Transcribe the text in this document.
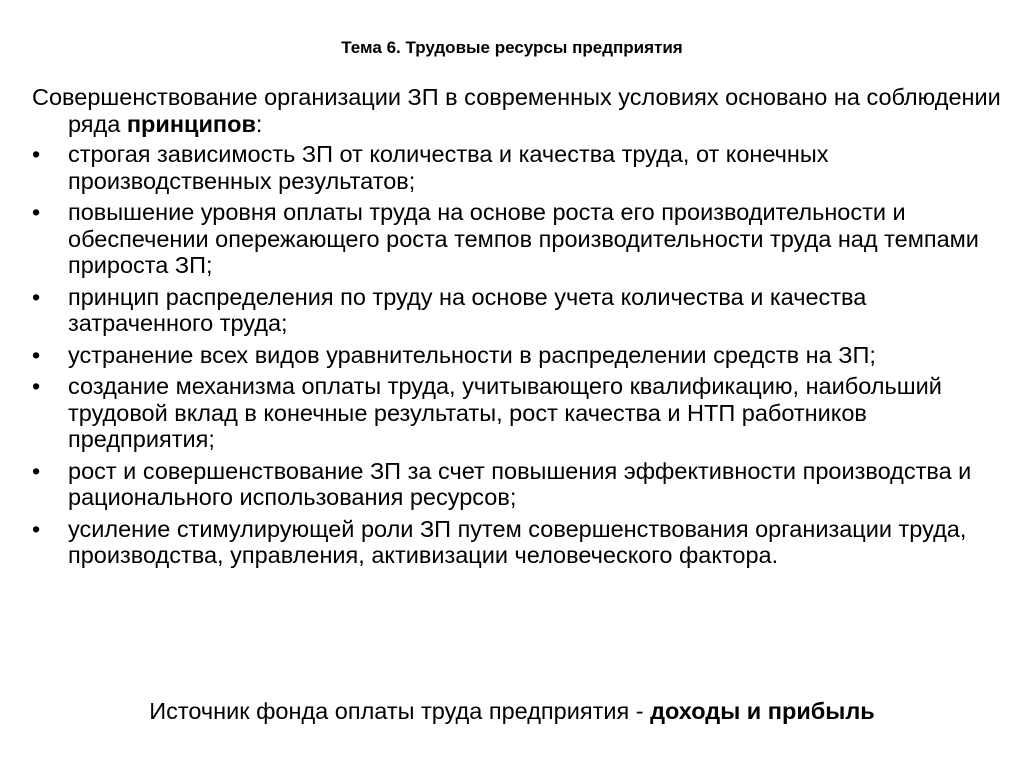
Тема 6. Трудовые ресурсы предприятия
Совершенствование организации ЗП в современных условиях основано на соблюдении ряда принципов:
•	строгая зависимость ЗП от количества и качества труда, от конечных производственных результатов;
•	повышение уровня оплаты труда на основе роста его производительности и обеспечении опережающего роста темпов производительности труда над темпами прироста ЗП;
•	принцип распределения по труду на основе учета количества и качества затраченного труда;
•	устранение всех видов уравнительности в распределении средств на ЗП;
•	создание механизма оплаты труда, учитывающего квалификацию, наибольший трудовой вклад в конечные результаты, рост качества и НТП работников предприятия;
•	рост и совершенствование ЗП за счет повышения эффективности производства и рационального использования ресурсов;
•	усиление стимулирующей роли ЗП путем совершенствования организации труда, производства, управления, активизации человеческого фактора.
Источник фонда оплаты труда предприятия - доходы и прибыль
